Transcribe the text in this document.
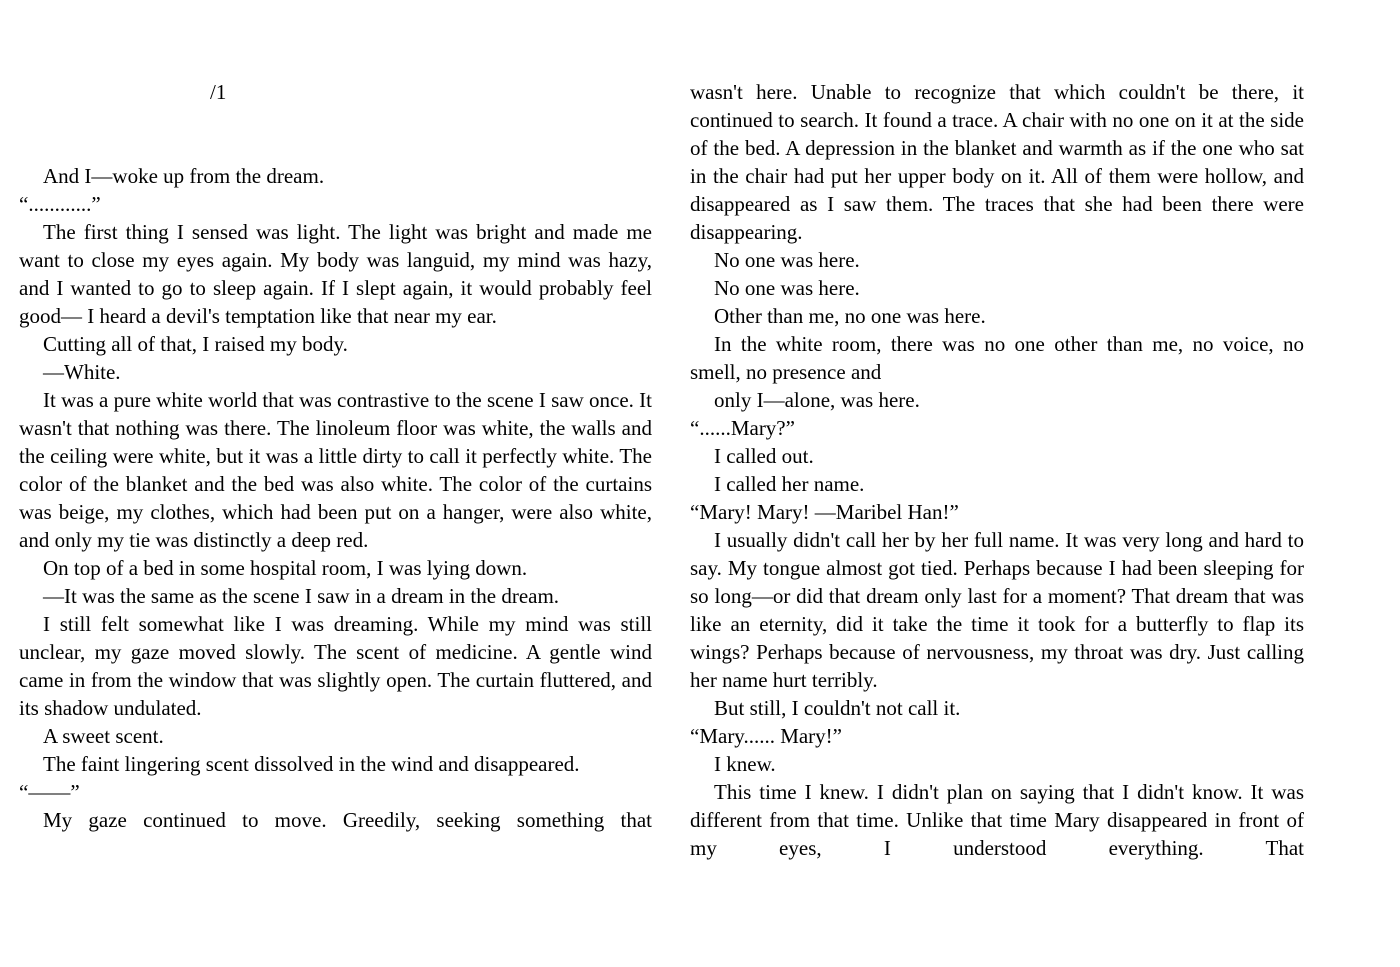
/1

And I—woke up from the dream.

“............”

The first thing I sensed was light. The light was bright and made me want to close my eyes again. My body was languid, my mind was hazy, and I wanted to go to sleep again. If I slept again, it would probably feel good— I heard a devil's temptation like that near my ear.

Cutting all of that, I raised my body.

—White.

It was a pure white world that was contrastive to the scene I saw once. It wasn't that nothing was there. The linoleum floor was white, the walls and the ceiling were white, but it was a little dirty to call it perfectly white. The color of the blanket and the bed was also white. The color of the curtains was beige, my clothes, which had been put on a hanger, were also white, and only my tie was distinctly a deep red.

On top of a bed in some hospital room, I was lying down.

—It was the same as the scene I saw in a dream in the dream.

I still felt somewhat like I was dreaming. While my mind was still unclear, my gaze moved slowly. The scent of medicine. A gentle wind came in from the window that was slightly open. The curtain fluttered, and its shadow undulated.

A sweet scent.

The faint lingering scent dissolved in the wind and disappeared.

“——”

My gaze continued to move. Greedily, seeking something that

wasn't here. Unable to recognize that which couldn't be there, it continued to search. It found a trace. A chair with no one on it at the side of the bed. A depression in the blanket and warmth as if the one who sat in the chair had put her upper body on it. All of them were hollow, and disappeared as I saw them. The traces that she had been there were disappearing.

No one was here.

No one was here.

Other than me, no one was here.

In the white room, there was no one other than me, no voice, no smell, no presence and

only I—alone, was here.

“......Mary?”

I called out.

I called her name.

“Mary! Mary! —Maribel Han!”

I usually didn't call her by her full name. It was very long and hard to say. My tongue almost got tied. Perhaps because I had been sleeping for so long—or did that dream only last for a moment? That dream that was like an eternity, did it take the time it took for a butterfly to flap its wings? Perhaps because of nervousness, my throat was dry. Just calling her name hurt terribly.

But still, I couldn't not call it.

“Mary...... Mary!”

I knew.

This time I knew. I didn't plan on saying that I didn't know. It was different from that time. Unlike that time Mary disappeared in front of my eyes, I understood everything. That
